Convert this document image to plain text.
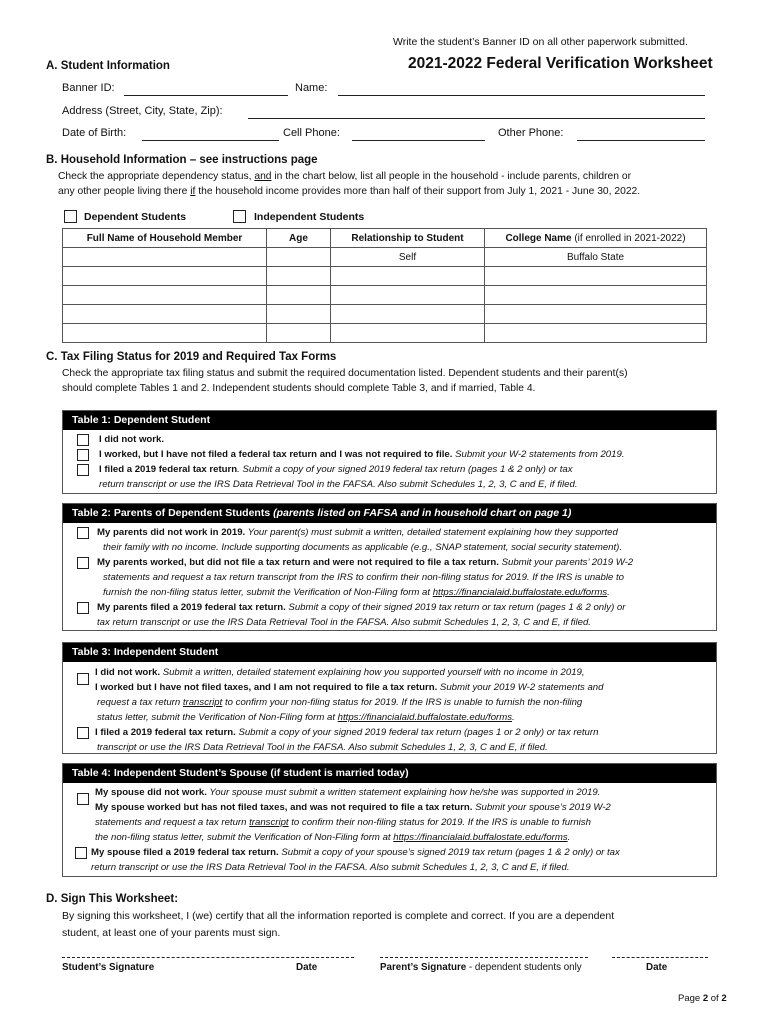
Write the student’s Banner ID on all other paperwork submitted.
2021-2022 Federal Verification Worksheet
A. Student Information
Banner ID:	Name:
Address (Street, City, State, Zip):
Date of Birth:	Cell Phone:	Other Phone:
B. Household Information – see instructions page
Check the appropriate dependency status, and in the chart below, list all people in the household - include parents, children or
any other people living there if the household income provides more than half of their support from July 1, 2021 - June 30, 2022.
Dependent Students	Independent Students
Full Name of Household Member	Age	Relationship to Student	College Name (if enrolled in 2021-2022)
		Self	Buffalo State

C. Tax Filing Status for 2019 and Required Tax Forms
Check the appropriate tax filing status and submit the required documentation listed. Dependent students and their parent(s)
should complete Tables 1 and 2. Independent students should complete Table 3, and if married, Table 4.
Table 1: Dependent Student
I did not work.
I worked, but I have not filed a federal tax return and I was not required to file. Submit your W-2 statements from 2019.
I filed a 2019 federal tax return. Submit a copy of your signed 2019 federal tax return (pages 1 & 2 only) or tax
return transcript or use the IRS Data Retrieval Tool in the FAFSA. Also submit Schedules 1, 2, 3, C and E, if filed.
Table 2: Parents of Dependent Students (parents listed on FAFSA and in household chart on page 1)
My parents did not work in 2019. Your parent(s) must submit a written, detailed statement explaining how they supported
their family with no income. Include supporting documents as applicable (e.g., SNAP statement, social security statement).
My parents worked, but did not file a tax return and were not required to file a tax return. Submit your parents’ 2019 W-2
statements and request a tax return transcript from the IRS to confirm their non-filing status for 2019. If the IRS is unable to
furnish the non-filing status letter, submit the Verification of Non-Filing form at https://financialaid.buffalostate.edu/forms.
My parents filed a 2019 federal tax return. Submit a copy of their signed 2019 tax return or tax return (pages 1 & 2 only) or
tax return transcript or use the IRS Data Retrieval Tool in the FAFSA. Also submit Schedules 1, 2, 3, C and E, if filed.
Table 3: Independent Student
I did not work. Submit a written, detailed statement explaining how you supported yourself with no income in 2019,
I worked but I have not filed taxes, and I am not required to file a tax return. Submit your 2019 W-2 statements and
request a tax return transcript to confirm your non-filing status for 2019. If the IRS is unable to furnish the non-filing
status letter, submit the Verification of Non-Filing form at https://financialaid.buffalostate.edu/forms.
I filed a 2019 federal tax return. Submit a copy of your signed 2019 federal tax return (pages 1 or 2 only) or tax return
transcript or use the IRS Data Retrieval Tool in the FAFSA. Also submit Schedules 1, 2, 3, C and E, if filed.
Table 4: Independent Student’s Spouse (if student is married today)
My spouse did not work. Your spouse must submit a written statement explaining how he/she was supported in 2019.
My spouse worked but has not filed taxes, and was not required to file a tax return. Submit your spouse’s 2019 W-2
statements and request a tax return transcript to confirm their non-filing status for 2019. If the IRS is unable to furnish
the non-filing status letter, submit the Verification of Non-Filing form at https://financialaid.buffalostate.edu/forms.
My spouse filed a 2019 federal tax return. Submit a copy of your spouse’s signed 2019 tax return (pages 1 & 2 only) or tax
return transcript or use the IRS Data Retrieval Tool in the FAFSA. Also submit Schedules 1, 2, 3, C and E, if filed.
D. Sign This Worksheet:
By signing this worksheet, I (we) certify that all the information reported is complete and correct. If you are a dependent
student, at least one of your parents must sign.
Student’s Signature	Date	Parent’s Signature - dependent students only	Date
Page 2 of 2
